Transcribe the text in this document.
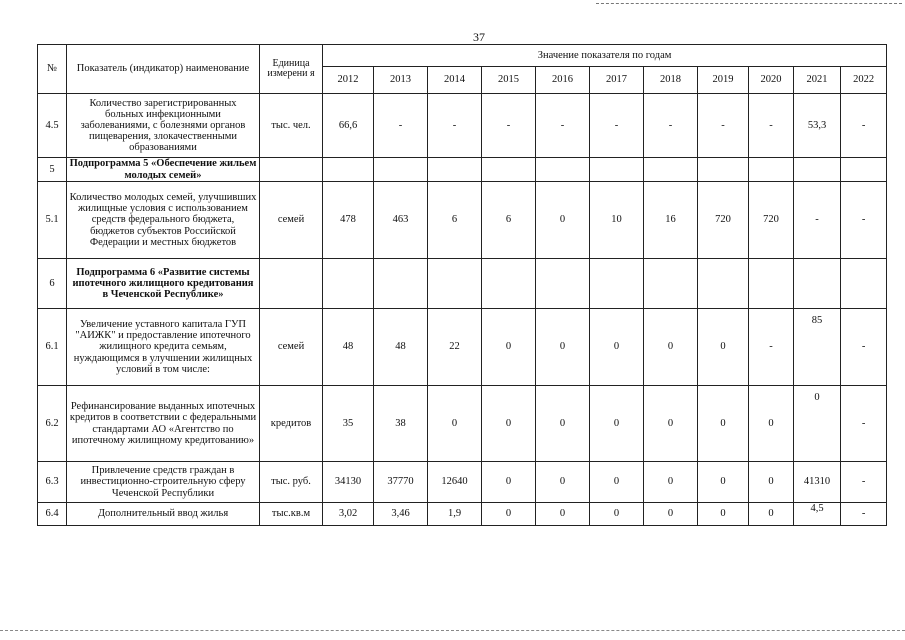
37
№	Показатель (индикатор) наименование	Единица измерени я	Значение показателя по годам										
			2012	2013	2014	2015	2016	2017	2018	2019	2020	2021	2022
4.5	Количество зарегистрированных больных инфекционными заболеваниями, с болезнями органов пищеварения, злокачественными образованиями	тыс. чел.	66,6	-	-	-	-	-	-	-	-	53,3	-
5	Подпрограмма 5 «Обеспечение жильем молодых семей»												
5.1	Количество молодых семей, улучшивших жилищные условия с использованием средств федерального бюджета, бюджетов субъектов Российской Федерации и местных бюджетов	семей	478	463	6	6	0	10	16	720	720	-	-
6	Подпрограмма 6 «Развитие системы ипотечного жилищного кредитования в Чеченской Республике»												
6.1	Увеличение уставного капитала ГУП "АИЖК" и предоставление ипотечного жилищного кредита семьям, нуждающимся в улучшении жилищных условий в том числе:	семей	48	48	22	0	0	0	0	0	-	85	-
6.2	Рефинансирование выданных ипотечных кредитов в соответствии с федеральными стандартами АО «Агентство по ипотечному жилищному кредитованию»	кредитов	35	38	0	0	0	0	0	0	0	0	-
6.3	Привлечение средств граждан в инвестиционно-строительную сферу Чеченской Республики	тыс. руб.	34130	37770	12640	0	0	0	0	0	0	41310	-
6.4	Дополнительный ввод жилья	тыс.кв.м	3,02	3,46	1,9	0	0	0	0	0	0	4,5	-
